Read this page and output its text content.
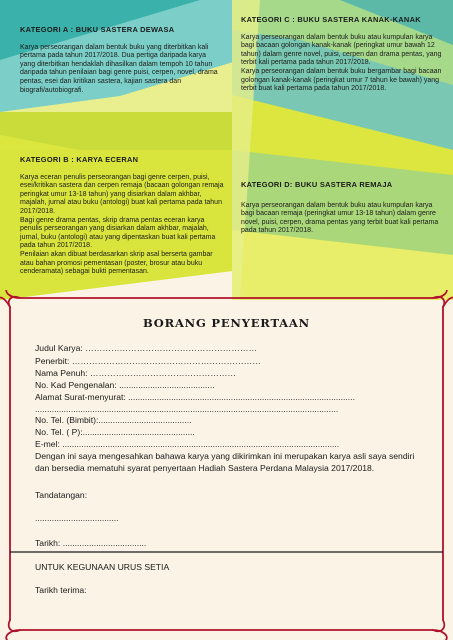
KATEGORI A : BUKU SASTERA DEWASA

Karya perseorangan dalam bentuk buku yang diterbitkan kali pertama pada tahun 2017/2018. Dua pertiga daripada karya yang diterbitkan hendaklah dihasilkan dalam tempoh 10 tahun daripada tahun penilaian bagi genre puisi, cerpen, novel, drama pentas, esei dan kritikan sastera, kajian sastera dan biografi/autobiografi.

KATEGORI B : KARYA ECERAN

Karya eceran penulis perseorangan bagi genre cerpen, puisi, esei/kritikan sastera dan cerpen remaja (bacaan golongan remaja peringkat umur 13-18 tahun) yang disiarkan dalam akhbar, majalah, jurnal atau buku (antologi) buat kali pertama pada tahun 2017/2018.

Bagi genre drama pentas, skrip drama pentas eceran karya penulis perseorangan yang disiarkan dalam akhbar, majalah, jurnal, buku (antologi) atau yang dipentaskan buat kali pertama pada tahun 2017/2018.

Penilaian akan dibuat berdasarkan skrip asal berserta gambar atau bahan promosi pementasan (poster, brosur atau buku cenderamata) sebagai bukti pementasan.

KATEGORI C : BUKU SASTERA KANAK-KANAK

Karya perseorangan dalam bentuk buku atau kumpulan karya bagi bacaan golongan kanak-kanak (peringkat umur bawah 12 tahun) dalam genre novel, puisi, cerpen dan drama pentas, yang terbit kali pertama pada tahun 2017/2018.

Karya perseorangan dalam bentuk buku bergambar bagi bacaan golongan kanak-kanak (peringkat umur 7 tahun ke bawah) yang terbit buat kali pertama pada tahun 2017/2018.

KATEGORI D: BUKU SASTERA REMAJA

Karya perseorangan dalam bentuk buku atau kumpulan karya bagi bacaan remaja (peringkat umur 13-18 tahun) dalam genre novel, puisi, cerpen, drama pentas yang terbit buat kali pertama pada tahun 2017/2018.

BORANG PENYERTAAN
Judul Karya: ……………………………………………………
Penerbit: …………………………………………………………
Nama Penuh: ……………………………………………
No. Kad Pengenalan: ........................................
Alamat Surat-menyurat: ...............................................................................................
...............................................................................................................................
No. Tel. (Bimbit):.......................................
No. Tel. ( P):...............................................
E-mel: ....................................................................................................................

Dengan ini saya mengesahkan bahawa karya yang dikirimkan ini merupakan karya asli saya sendiri dan bersedia mematuhi syarat penyertaan Hadiah Sastera Perdana Malaysia 2017/2018.

Tandatangan:
...................................
Tarikh: ...................................
UNTUK KEGUNAAN URUS SETIA
Tarikh terima:
